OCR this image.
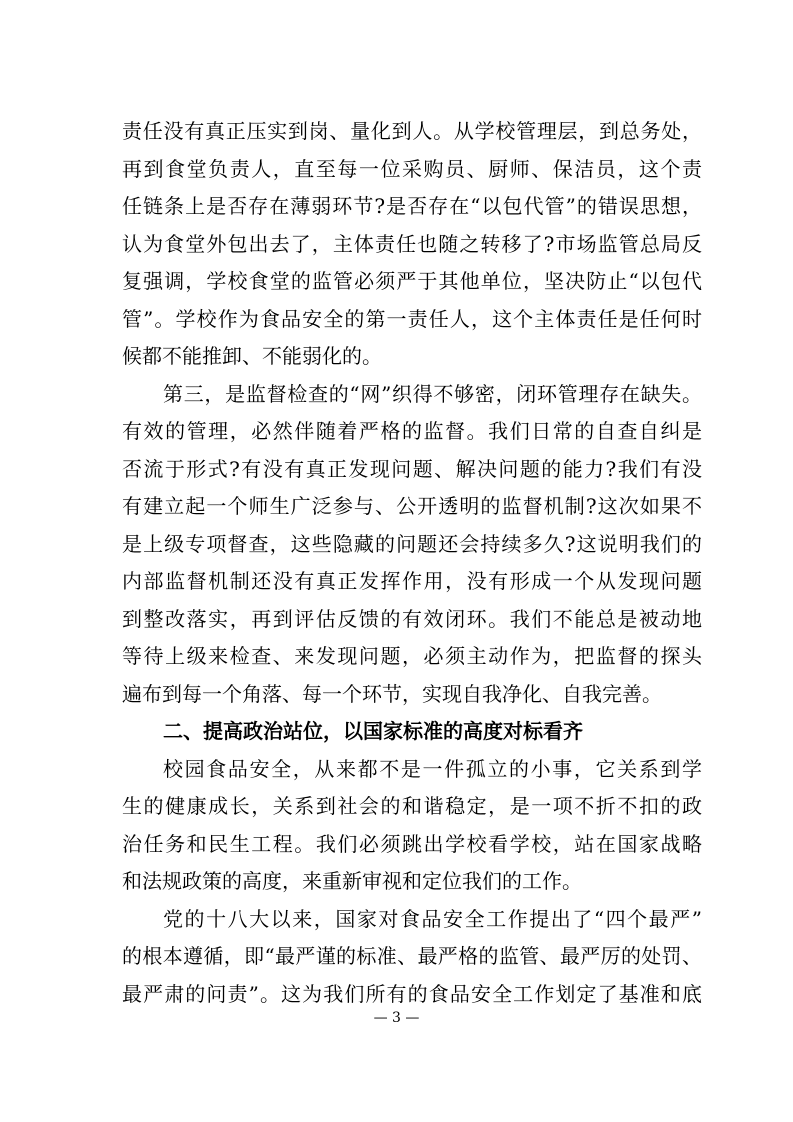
责任没有真正压实到岗、量化到人。从学校管理层，到总务处，
再到食堂负责人，直至每一位采购员、厨师、保洁员，这个责
任链条上是否存在薄弱环节?是否存在“以包代管”的错误思想，
认为食堂外包出去了，主体责任也随之转移了?市场监管总局反
复强调，学校食堂的监管必须严于其他单位，坚决防止“以包代
管”。学校作为食品安全的第一责任人，这个主体责任是任何时
候都不能推卸、不能弱化的。
第三，是监督检查的“网”织得不够密，闭环管理存在缺失。
有效的管理，必然伴随着严格的监督。我们日常的自查自纠是
否流于形式?有没有真正发现问题、解决问题的能力?我们有没
有建立起一个师生广泛参与、公开透明的监督机制?这次如果不
是上级专项督查，这些隐藏的问题还会持续多久?这说明我们的
内部监督机制还没有真正发挥作用，没有形成一个从发现问题
到整改落实，再到评估反馈的有效闭环。我们不能总是被动地
等待上级来检查、来发现问题，必须主动作为，把监督的探头
遍布到每一个角落、每一个环节，实现自我净化、自我完善。
二、提高政治站位，以国家标准的高度对标看齐
校园食品安全，从来都不是一件孤立的小事，它关系到学
生的健康成长，关系到社会的和谐稳定，是一项不折不扣的政
治任务和民生工程。我们必须跳出学校看学校，站在国家战略
和法规政策的高度，来重新审视和定位我们的工作。
党的十八大以来，国家对食品安全工作提出了“四个最严”
的根本遵循，即“最严谨的标准、最严格的监管、最严厉的处罚、
最严肃的问责”。这为我们所有的食品安全工作划定了基准和底
— 3 —
